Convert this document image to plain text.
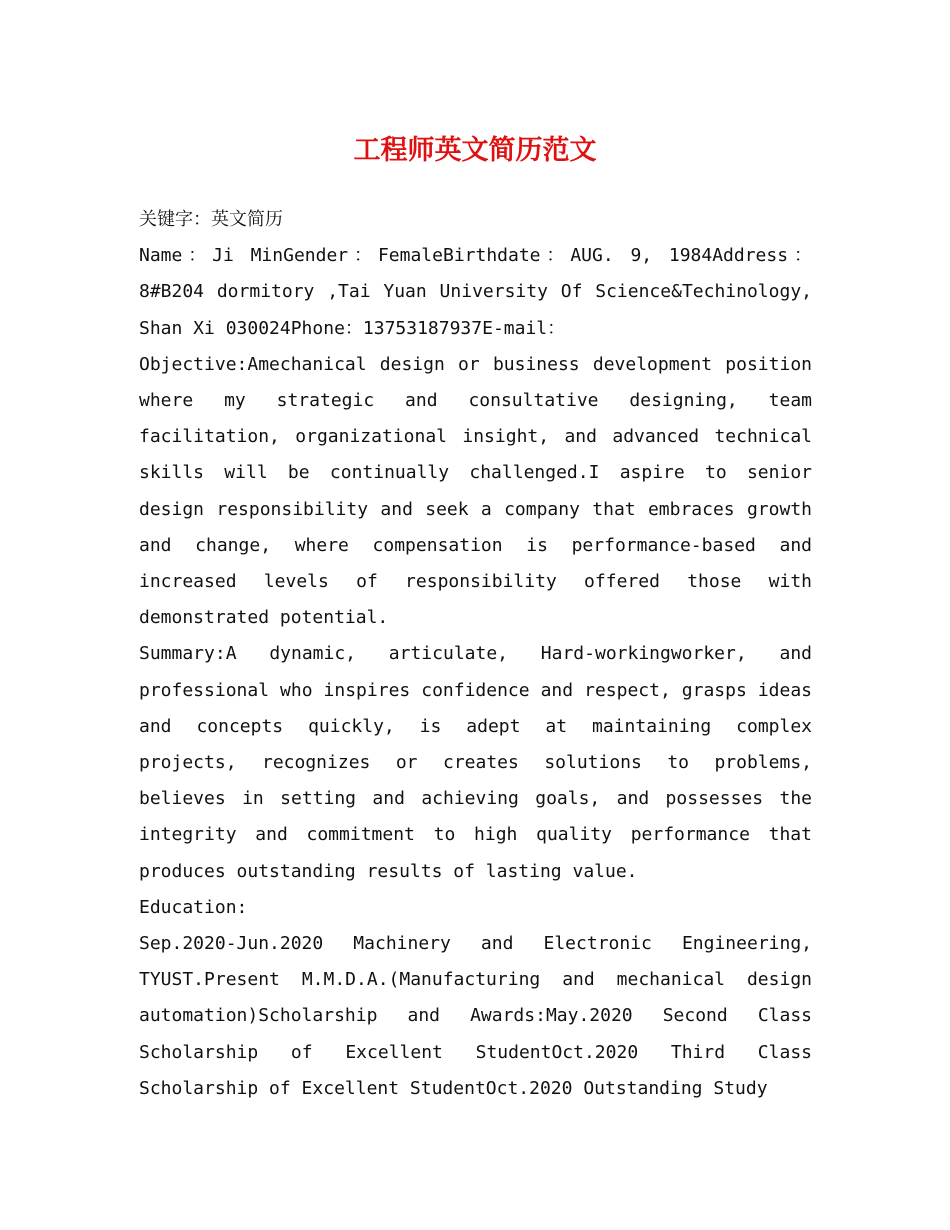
工程师英文简历范文

关键字：英文简历

Name：Ji MinGender：FemaleBirthdate：AUG. 9, 1984Address：8#B204 dormitory ,Tai Yuan University Of Science&Techinology, Shan Xi 030024Phone：13753187937E-mail：

Objective:Amechanical design or business development position where my strategic and consultative designing, team facilitation, organizational insight, and advanced technical skills will be continually challenged.I aspire to senior design responsibility and seek a company that embraces growth and change, where compensation is performance-based and increased levels of responsibility offered those with demonstrated potential.

Summary:A dynamic, articulate, Hard-workingworker, and professional who inspires confidence and respect, grasps ideas and concepts quickly, is adept at maintaining complex projects, recognizes or creates solutions to problems, believes in setting and achieving goals, and possesses the integrity and commitment to high quality performance that produces outstanding results of lasting value.

Education:

Sep.2020-Jun.2020 Machinery and Electronic Engineering, TYUST.Present M.M.D.A.(Manufacturing and mechanical design automation)Scholarship and Awards:May.2020 Second Class Scholarship of Excellent StudentOct.2020 Third Class Scholarship of Excellent StudentOct.2020 Outstanding Study
